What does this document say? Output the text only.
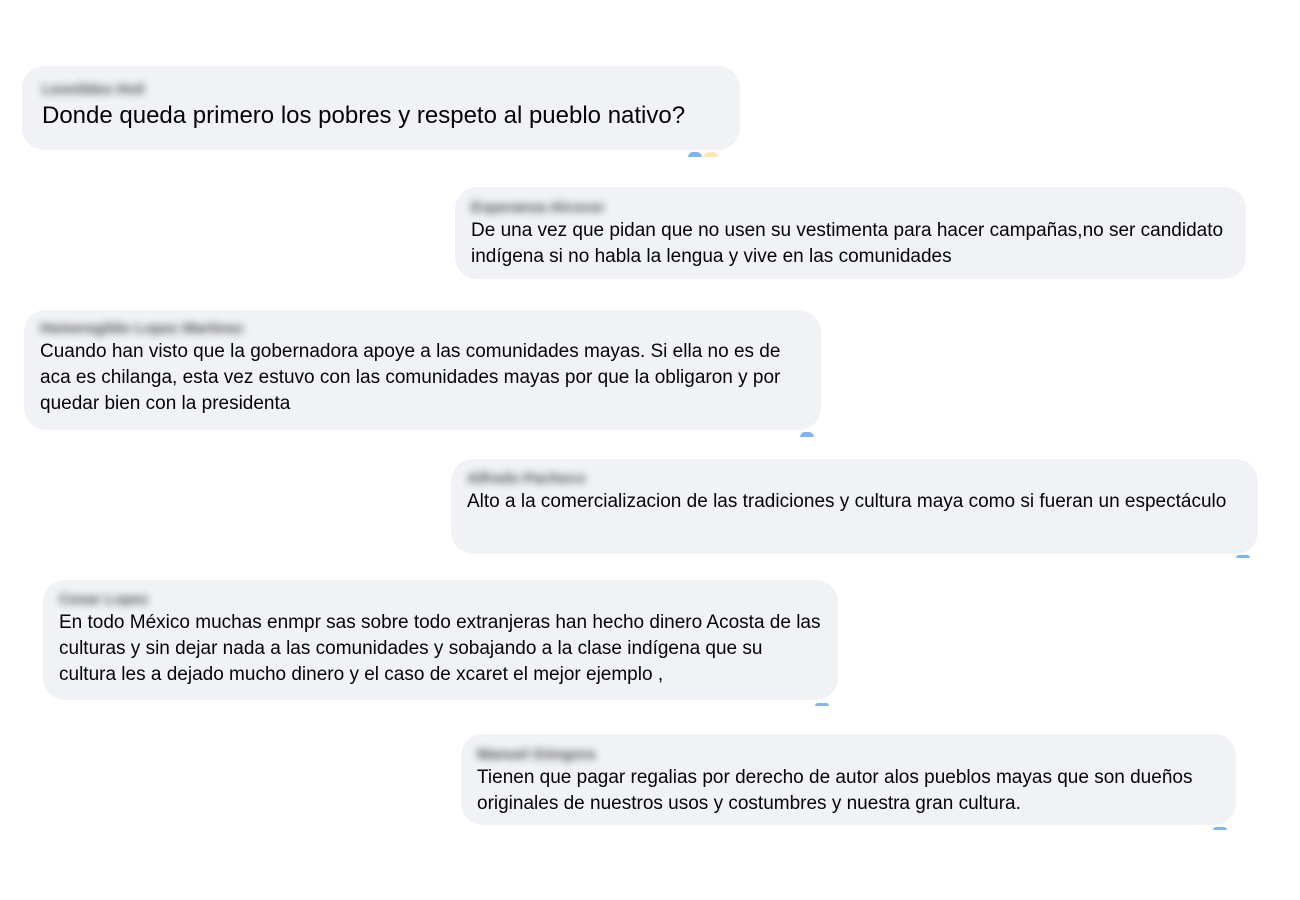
Leonildes Hoil
Donde queda primero los pobres y respeto al pueblo nativo?
Esperanza Alcocer
De una vez que pidan que no usen su vestimenta para hacer campañas,no ser candidato indígena si no habla la lengua y vive en las comunidades
Hemeregildo Lopez Martinez
Cuando han visto que la gobernadora apoye a las comunidades mayas. Si ella no es de aca es chilanga, esta vez estuvo con las comunidades mayas por que la obligaron y por quedar bien con la presidenta
Alfredo Pacheco
Alto a la comercializacion de las tradiciones y cultura maya como si fueran un espectáculo
Cesar Lopez
En todo México muchas enmpr sas sobre todo extranjeras han hecho dinero Acosta de las culturas y sin dejar nada a las comunidades y sobajando a la clase indígena que su cultura les a dejado mucho dinero y el caso de xcaret el mejor ejemplo ,
Manuel Góngora
Tienen que pagar regalias por derecho de autor alos pueblos mayas que son dueños originales de nuestros usos y costumbres y nuestra gran cultura.
